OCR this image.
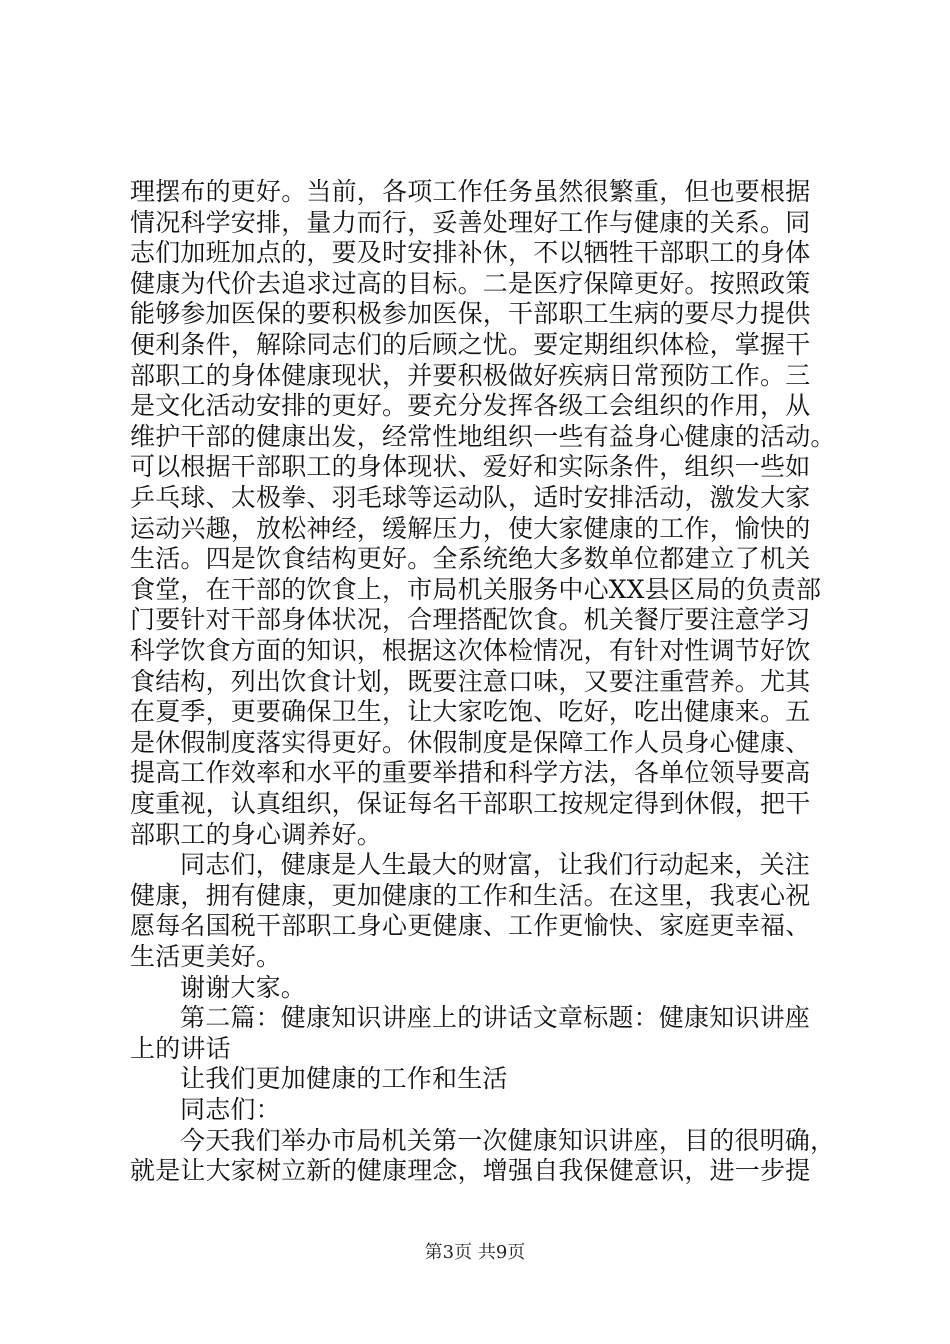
理摆布的更好。当前，各项工作任务虽然很繁重，但也要根据
情况科学安排，量力而行，妥善处理好工作与健康的关系。同
志们加班加点的，要及时安排补休，不以牺牲干部职工的身体
健康为代价去追求过高的目标。二是医疗保障更好。按照政策
能够参加医保的要积极参加医保，干部职工生病的要尽力提供
便利条件，解除同志们的后顾之忧。要定期组织体检，掌握干
部职工的身体健康现状，并要积极做好疾病日常预防工作。三
是文化活动安排的更好。要充分发挥各级工会组织的作用，从
维护干部的健康出发，经常性地组织一些有益身心健康的活动。
可以根据干部职工的身体现状、爱好和实际条件，组织一些如
乒乓球、太极拳、羽毛球等运动队，适时安排活动，激发大家
运动兴趣，放松神经，缓解压力，使大家健康的工作，愉快的
生活。四是饮食结构更好。全系统绝大多数单位都建立了机关
食堂，在干部的饮食上，市局机关服务中心XX县区局的负责部
门要针对干部身体状况，合理搭配饮食。机关餐厅要注意学习
科学饮食方面的知识，根据这次体检情况，有针对性调节好饮
食结构，列出饮食计划，既要注意口味，又要注重营养。尤其
在夏季，更要确保卫生，让大家吃饱、吃好，吃出健康来。五
是休假制度落实得更好。休假制度是保障工作人员身心健康、
提高工作效率和水平的重要举措和科学方法，各单位领导要高
度重视，认真组织，保证每名干部职工按规定得到休假，把干
部职工的身心调养好。
同志们，健康是人生最大的财富，让我们行动起来，关注
健康，拥有健康，更加健康的工作和生活。在这里，我衷心祝
愿每名国税干部职工身心更健康、工作更愉快、家庭更幸福、
生活更美好。
谢谢大家。
第二篇：健康知识讲座上的讲话文章标题：健康知识讲座
上的讲话
让我们更加健康的工作和生活
同志们：
今天我们举办市局机关第一次健康知识讲座，目的很明确，
就是让大家树立新的健康理念，增强自我保健意识，进一步提
第3页 共9页
